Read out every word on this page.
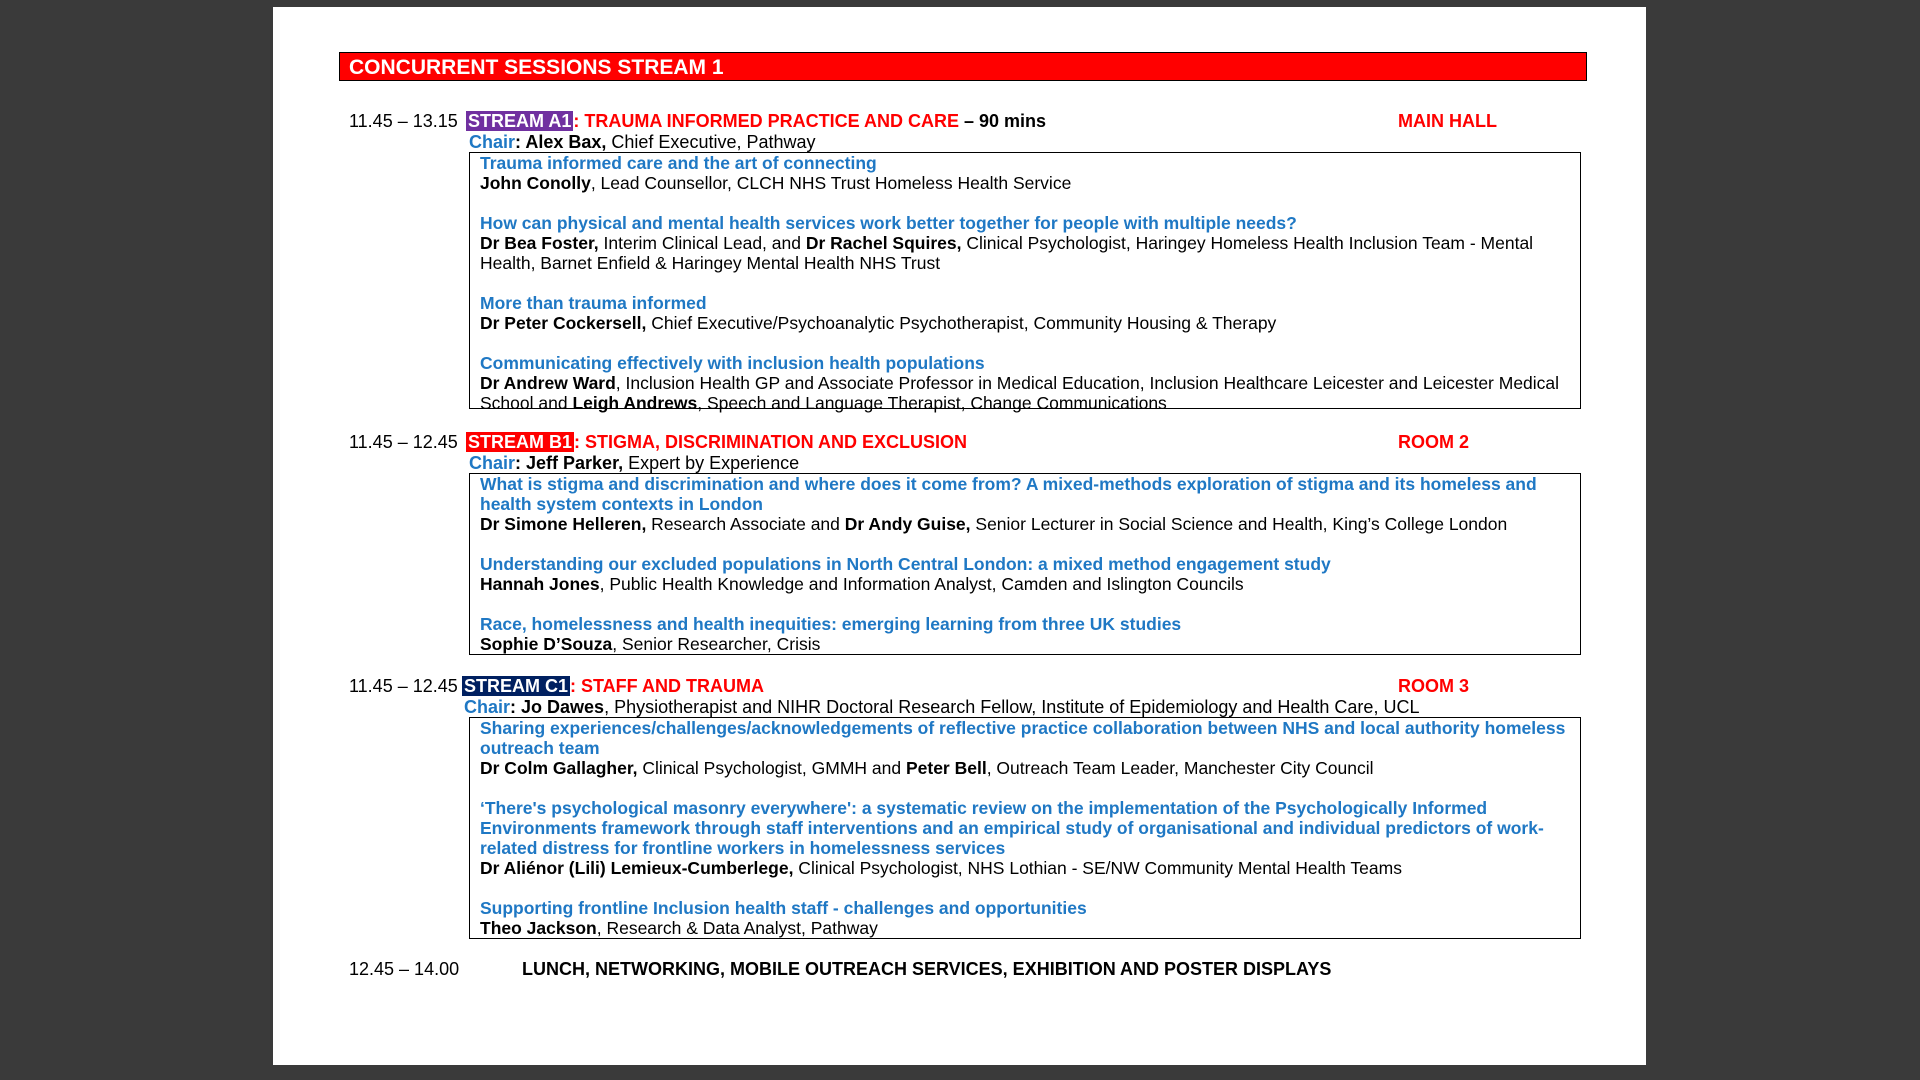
CONCURRENT SESSIONS STREAM 1
11.45 – 13.15 STREAM A1 : TRAUMA INFORMED PRACTICE AND CARE – 90 mins	MAIN HALL
Chair: Alex Bax, Chief Executive, Pathway
Trauma informed care and the art of connecting
John Conolly, Lead Counsellor, CLCH NHS Trust Homeless Health Service
How can physical and mental health services work better together for people with multiple needs?
Dr Bea Foster, Interim Clinical Lead, and Dr Rachel Squires, Clinical Psychologist, Haringey Homeless Health Inclusion Team - Mental Health, Barnet Enfield & Haringey Mental Health NHS Trust
More than trauma informed
Dr Peter Cockersell, Chief Executive/Psychoanalytic Psychotherapist, Community Housing & Therapy
Communicating effectively with inclusion health populations
Dr Andrew Ward, Inclusion Health GP and Associate Professor in Medical Education, Inclusion Healthcare Leicester and Leicester Medical School and Leigh Andrews, Speech and Language Therapist, Change Communications
11.45 – 12.45 STREAM B1 : STIGMA, DISCRIMINATION AND EXCLUSION	ROOM 2
Chair: Jeff Parker, Expert by Experience
What is stigma and discrimination and where does it come from? A mixed-methods exploration of stigma and its homeless and health system contexts in London
Dr Simone Helleren, Research Associate and Dr Andy Guise, Senior Lecturer in Social Science and Health, King’s College London
Understanding our excluded populations in North Central London: a mixed method engagement study
Hannah Jones, Public Health Knowledge and Information Analyst, Camden and Islington Councils
Race, homelessness and health inequities: emerging learning from three UK studies
Sophie D’Souza, Senior Researcher, Crisis
11.45 – 12.45 STREAM C1 : STAFF AND TRAUMA	ROOM 3
Chair: Jo Dawes, Physiotherapist and NIHR Doctoral Research Fellow, Institute of Epidemiology and Health Care, UCL
Sharing experiences/challenges/acknowledgements of reflective practice collaboration between NHS and local authority homeless outreach team
Dr Colm Gallagher, Clinical Psychologist, GMMH and Peter Bell, Outreach Team Leader, Manchester City Council
‘There's psychological masonry everywhere': a systematic review on the implementation of the Psychologically Informed Environments framework through staff interventions and an empirical study of organisational and individual predictors of work-related distress for frontline workers in homelessness services
Dr Aliénor (Lili) Lemieux-Cumberlege, Clinical Psychologist, NHS Lothian - SE/NW Community Mental Health Teams
Supporting frontline Inclusion health staff - challenges and opportunities
Theo Jackson, Research & Data Analyst, Pathway
12.45 – 14.00	LUNCH, NETWORKING, MOBILE OUTREACH SERVICES, EXHIBITION AND POSTER DISPLAYS
